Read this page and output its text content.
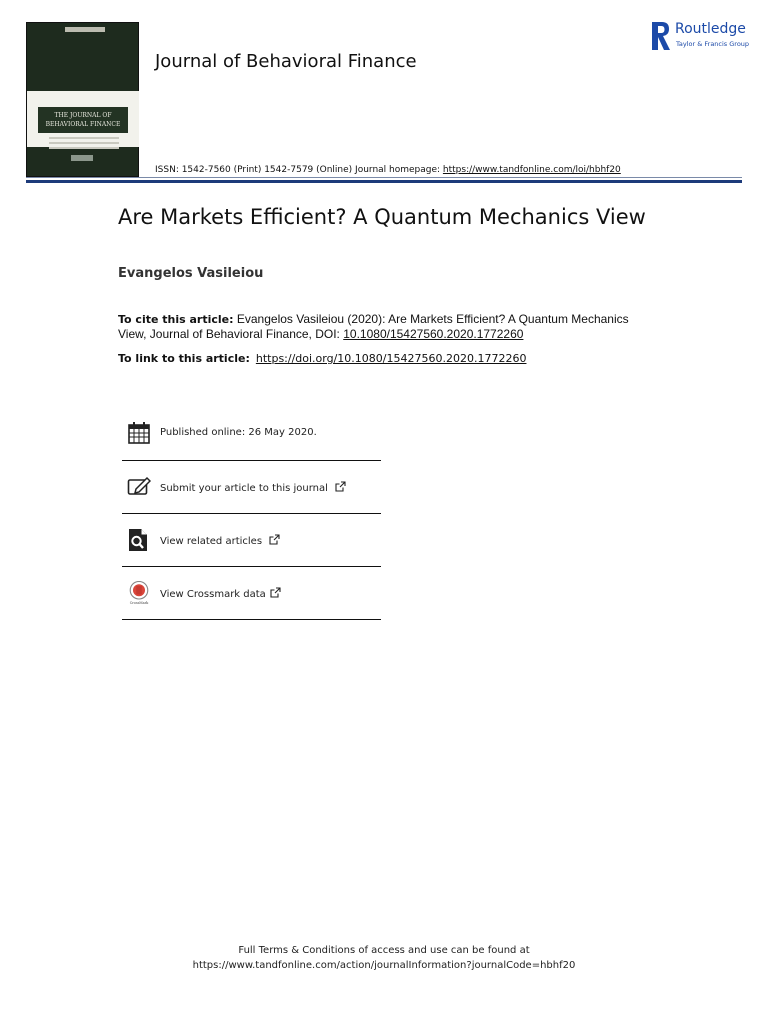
THE JOURNAL OF
BEHAVIORAL FINANCE
Journal of Behavioral Finance
ISSN: 1542-7560 (Print) 1542-7579 (Online) Journal homepage: https://www.tandfonline.com/loi/hbhf20
Routledge
Taylor & Francis Group
Are Markets Efficient? A Quantum Mechanics View
Evangelos Vasileiou
To cite this article: Evangelos Vasileiou (2020): Are Markets Efficient? A Quantum Mechanics View, Journal of Behavioral Finance, DOI: 10.1080/15427560.2020.1772260
To link to this article: https://doi.org/10.1080/15427560.2020.1772260
Published online: 26 May 2020.
Submit your article to this journal
View related articles
CrossMark
View Crossmark data
Full Terms & Conditions of access and use can be found at
https://www.tandfonline.com/action/journalInformation?journalCode=hbhf20
